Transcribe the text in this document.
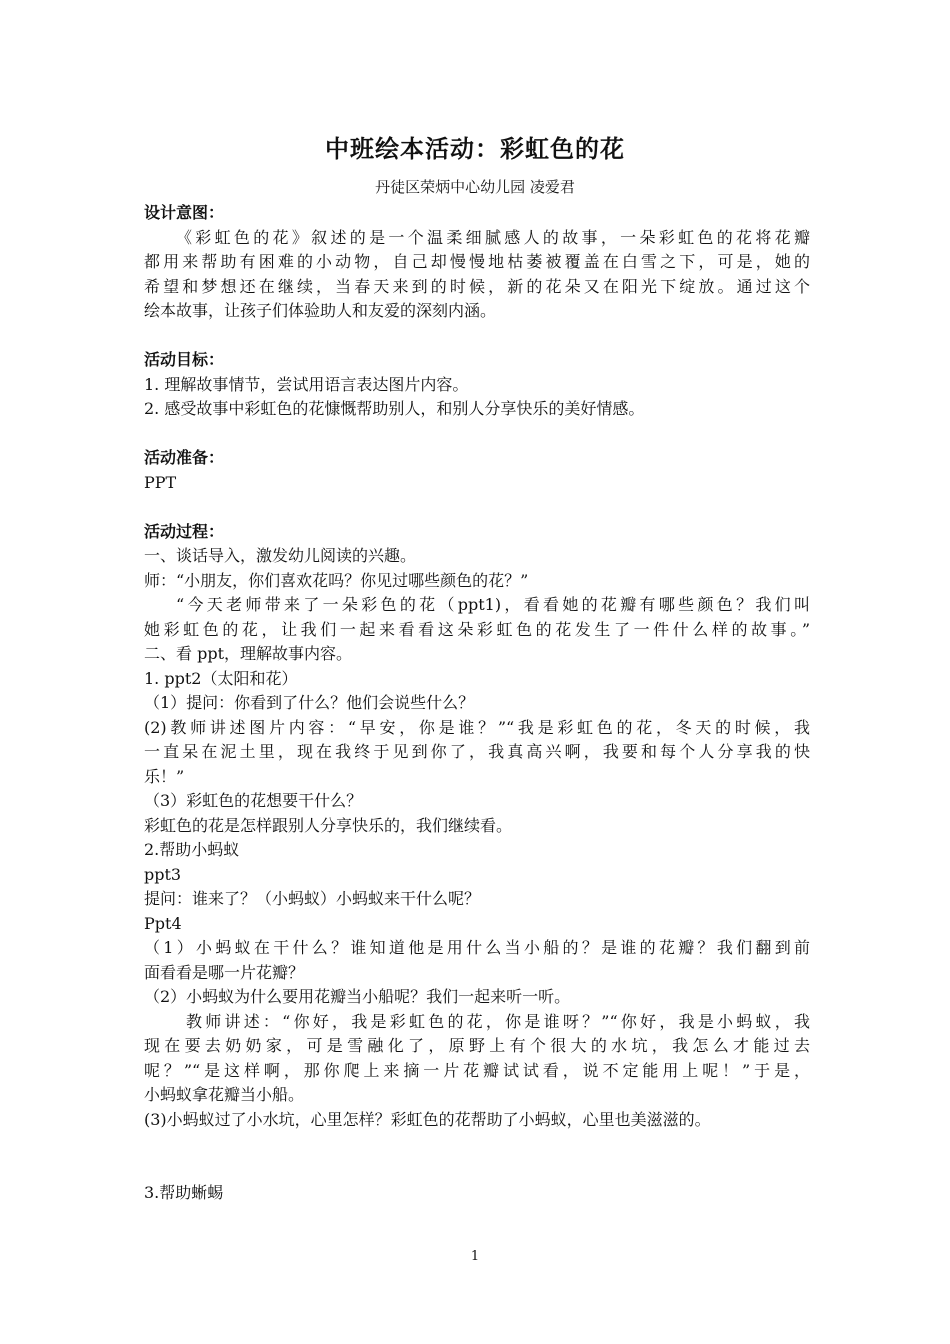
中班绘本活动：彩虹色的花
丹徒区荣炳中心幼儿园 凌爱君
设计意图：
《彩虹色的花》叙述的是一个温柔细腻感人的故事，一朵彩虹色的花将花瓣
都用来帮助有困难的小动物，自己却慢慢地枯萎被覆盖在白雪之下，可是，她的
希望和梦想还在继续，当春天来到的时候，新的花朵又在阳光下绽放。通过这个
绘本故事，让孩子们体验助人和友爱的深刻内涵。
活动目标：
1. 理解故事情节，尝试用语言表达图片内容。
2. 感受故事中彩虹色的花慷慨帮助别人，和别人分享快乐的美好情感。
活动准备：
PPT
活动过程：
一、谈话导入，激发幼儿阅读的兴趣。
师：“小朋友，你们喜欢花吗？你见过哪些颜色的花？”
“今天老师带来了一朵彩色的花（ppt1)，看看她的花瓣有哪些颜色？我们叫
她彩虹色的花，让我们一起来看看这朵彩虹色的花发生了一件什么样的故事。”
二、看 ppt，理解故事内容。
1. ppt2（太阳和花）
（1）提问：你看到了什么？他们会说些什么？
(2)教师讲述图片内容：“早安，你是谁？”“我是彩虹色的花，冬天的时候，我
一直呆在泥土里，现在我终于见到你了，我真高兴啊，我要和每个人分享我的快
乐！”
（3）彩虹色的花想要干什么？
彩虹色的花是怎样跟别人分享快乐的，我们继续看。
2.帮助小蚂蚁
ppt3
提问：谁来了？（小蚂蚁）小蚂蚁来干什么呢？
Ppt4
（1）小蚂蚁在干什么？谁知道他是用什么当小船的？是谁的花瓣？我们翻到前
面看看是哪一片花瓣？
（2）小蚂蚁为什么要用花瓣当小船呢？我们一起来听一听。
教师讲述：“你好，我是彩虹色的花，你是谁呀？”“你好，我是小蚂蚁，我
现在要去奶奶家，可是雪融化了，原野上有个很大的水坑，我怎么才能过去
呢？”“是这样啊，那你爬上来摘一片花瓣试试看，说不定能用上呢！”于是，
小蚂蚁拿花瓣当小船。
(3)小蚂蚁过了小水坑，心里怎样？彩虹色的花帮助了小蚂蚁，心里也美滋滋的。
3.帮助蜥蜴
1
